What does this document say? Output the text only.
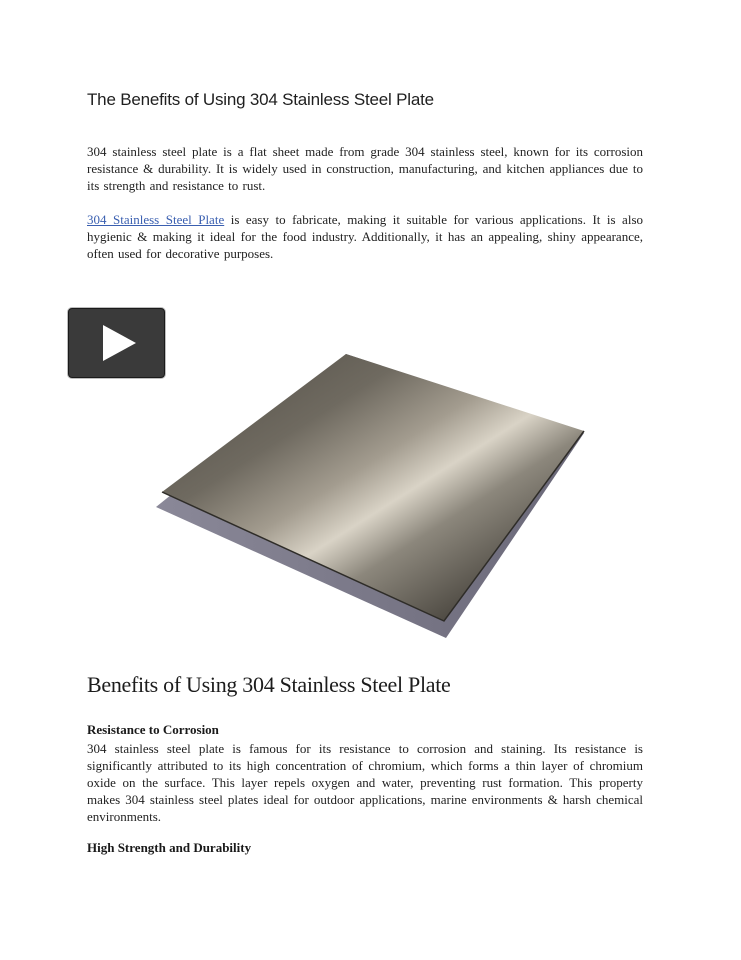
The Benefits of Using 304 Stainless Steel Plate
304 stainless steel plate is a flat sheet made from grade 304 stainless steel, known for its corrosion resistance & durability. It is widely used in construction, manufacturing, and kitchen appliances due to its strength and resistance to rust.
304 Stainless Steel Plate is easy to fabricate, making it suitable for various applications. It is also hygienic & making it ideal for the food industry. Additionally, it has an appealing, shiny appearance, often used for decorative purposes.
Benefits of Using 304 Stainless Steel Plate
Resistance to Corrosion
304 stainless steel plate is famous for its resistance to corrosion and staining. Its resistance is significantly attributed to its high concentration of chromium, which forms a thin layer of chromium oxide on the surface. This layer repels oxygen and water, preventing rust formation. This property makes 304 stainless steel plates ideal for outdoor applications, marine environments & harsh chemical environments.
High Strength and Durability
